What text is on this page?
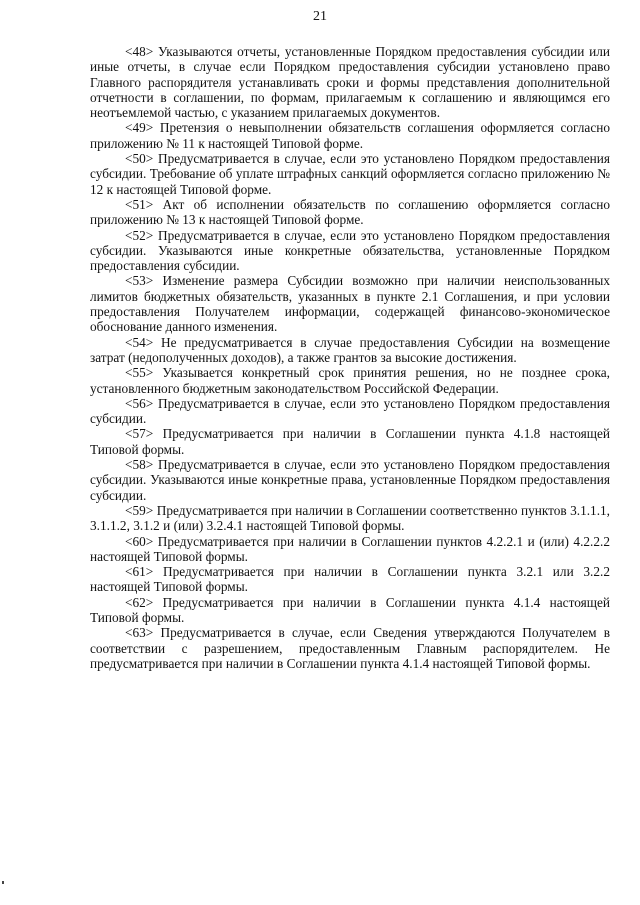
21

<48> Указываются отчеты, установленные Порядком предоставления субсидии или иные отчеты, в случае если Порядком предоставления субсидии установлено право Главного распорядителя устанавливать сроки и формы представления дополнительной отчетности в соглашении, по формам, прилагаемым к соглашению и являющимся его неотъемлемой частью, с указанием прилагаемых документов.

<49> Претензия о невыполнении обязательств соглашения оформляется согласно приложению № 11 к настоящей Типовой форме.

<50> Предусматривается в случае, если это установлено Порядком предоставления субсидии. Требование об уплате штрафных санкций оформляется согласно приложению № 12 к настоящей Типовой форме.

<51> Акт об исполнении обязательств по соглашению оформляется согласно приложению № 13 к настоящей Типовой форме.

<52> Предусматривается в случае, если это установлено Порядком предоставления субсидии. Указываются иные конкретные обязательства, установленные Порядком предоставления субсидии.

<53> Изменение размера Субсидии возможно при наличии неиспользованных лимитов бюджетных обязательств, указанных в пункте 2.1 Соглашения, и при условии предоставления Получателем информации, содержащей финансово-экономическое обоснование данного изменения.

<54> Не предусматривается в случае предоставления Субсидии на возмещение затрат (недополученных доходов), а также грантов за высокие достижения.

<55> Указывается конкретный срок принятия решения, но не позднее срока, установленного бюджетным законодательством Российской Федерации.

<56> Предусматривается в случае, если это установлено Порядком предоставления субсидии.

<57> Предусматривается при наличии в Соглашении пункта 4.1.8 настоящей Типовой формы.

<58> Предусматривается в случае, если это установлено Порядком предоставления субсидии. Указываются иные конкретные права, установленные Порядком предоставления субсидии.

<59> Предусматривается при наличии в Соглашении соответственно пунктов 3.1.1.1, 3.1.1.2, 3.1.2 и (или) 3.2.4.1 настоящей Типовой формы.

<60> Предусматривается при наличии в Соглашении пунктов 4.2.2.1 и (или) 4.2.2.2 настоящей Типовой формы.

<61> Предусматривается при наличии в Соглашении пункта 3.2.1 или 3.2.2 настоящей Типовой формы.

<62> Предусматривается при наличии в Соглашении пункта 4.1.4 настоящей Типовой формы.

<63> Предусматривается в случае, если Сведения утверждаются Получателем в соответствии с разрешением, предоставленным Главным распорядителем. Не предусматривается при наличии в Соглашении пункта 4.1.4 настоящей Типовой формы.
